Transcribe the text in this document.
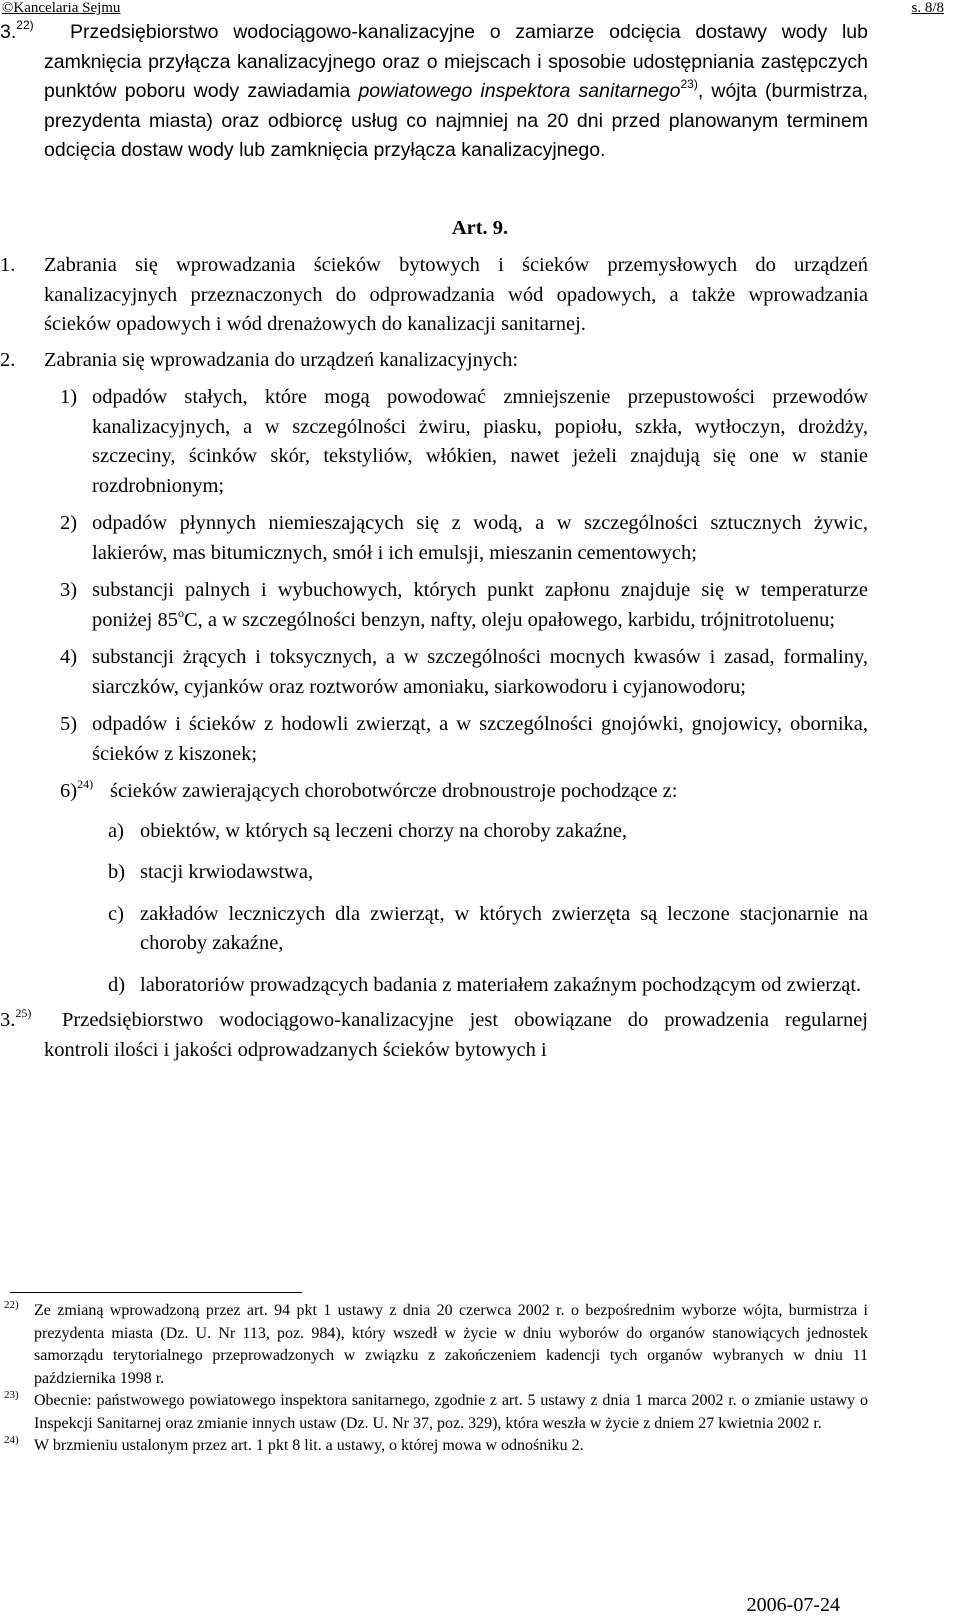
©Kancelaria Sejmu	s. 8/8
3.$^{22)}$ Przedsiębiorstwo wodociągowo-kanalizacyjne o zamiarze odcięcia dostawy wody lub zamknięcia przyłącza kanalizacyjnego oraz o miejscach i sposobie udostępniania zastępczych punktów poboru wody zawiadamia powiatowego inspektora sanitarnego$^{23)}$, wójta (burmistrza, prezydenta miasta) oraz odbiorcę usług co najmniej na 20 dni przed planowanym terminem odcięcia dostaw wody lub zamknięcia przyłącza kanalizacyjnego.
Art. 9.
1. Zabrania się wprowadzania ścieków bytowych i ścieków przemysłowych do urządzeń kanalizacyjnych przeznaczonych do odprowadzania wód opadowych, a także wprowadzania ścieków opadowych i wód drenażowych do kanalizacji sanitarnej.
2. Zabrania się wprowadzania do urządzeń kanalizacyjnych:
1) odpadów stałych, które mogą powodować zmniejszenie przepustowości przewodów kanalizacyjnych, a w szczególności żwiru, piasku, popiołu, szkła, wytłoczyn, drożdży, szczeciny, ścinków skór, tekstyliów, włókien, nawet jeżeli znajdują się one w stanie rozdrobnionym;
2) odpadów płynnych niemieszających się z wodą, a w szczególności sztucznych żywic, lakierów, mas bitumicznych, smół i ich emulsji, mieszanin cementowych;
3) substancji palnych i wybuchowych, których punkt zapłonu znajduje się w temperaturze poniżej 85$^o$C, a w szczególności benzyn, nafty, oleju opałowego, karbidu, trójnitrotoluenu;
4) substancji żrących i toksycznych, a w szczególności mocnych kwasów i zasad, formaliny, siarczków, cyjanków oraz roztworów amoniaku, siarkowodoru i cyjanowodoru;
5) odpadów i ścieków z hodowli zwierząt, a w szczególności gnojówki, gnojowicy, obornika, ścieków z kiszonek;
6)$^{24)}$ ścieków zawierających chorobotwórcze drobnoustroje pochodzące z:
a) obiektów, w których są leczeni chorzy na choroby zakaźne,
b) stacji krwiodawstwa,
c) zakładów leczniczych dla zwierząt, w których zwierzęta są leczone stacjonarnie na choroby zakaźne,
d) laboratoriów prowadzących badania z materiałem zakaźnym pochodzącym od zwierząt.
3.$^{25)}$ Przedsiębiorstwo wodociągowo-kanalizacyjne jest obowiązane do prowadzenia regularnej kontroli ilości i jakości odprowadzanych ścieków bytowych i
22) Ze zmianą wprowadzoną przez art. 94 pkt 1 ustawy z dnia 20 czerwca 2002 r. o bezpośrednim wyborze wójta, burmistrza i prezydenta miasta (Dz. U. Nr 113, poz. 984), który wszedł w życie w dniu wyborów do organów stanowiących jednostek samorządu terytorialnego przeprowadzonych w związku z zakończeniem kadencji tych organów wybranych w dniu 11 października 1998 r.
23) Obecnie: państwowego powiatowego inspektora sanitarnego, zgodnie z art. 5 ustawy z dnia 1 marca 2002 r. o zmianie ustawy o Inspekcji Sanitarnej oraz zmianie innych ustaw (Dz. U. Nr 37, poz. 329), która weszła w życie z dniem 27 kwietnia 2002 r.
24) W brzmieniu ustalonym przez art. 1 pkt 8 lit. a ustawy, o której mowa w odnośniku 2.
2006-07-24
